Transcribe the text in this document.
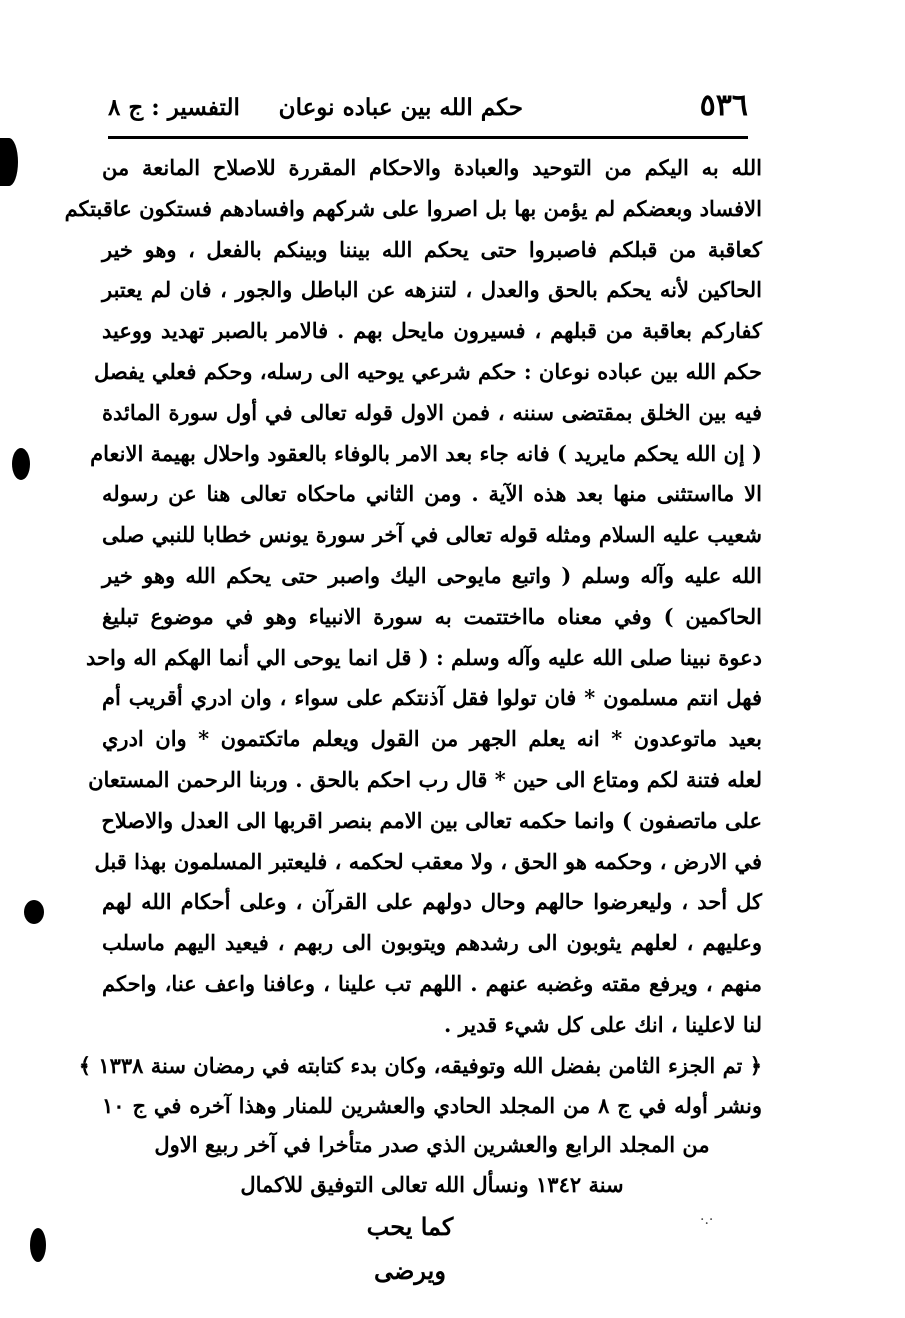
٥٣٦
حكم الله بين عباده نوعان
التفسير : ج ٨
الله به اليكم من التوحيد والعبادة والاحكام المقررة للاصلاح المانعة من
الافساد وبعضكم لم يؤمن بها بل اصروا على شركهم وافسادهم فستكون عاقبتكم
كعاقبة من قبلكم فاصبروا حتى يحكم الله بيننا وبينكم بالفعل ، وهو خير
الحاكين لأنه يحكم بالحق والعدل ، لتنزهه عن الباطل والجور ، فان لم يعتبر
كفاركم بعاقبة من قبلهم ، فسيرون مايحل بهم . فالامر بالصبر تهديد ووعيد
حكم الله بين عباده نوعان : حكم شرعي يوحيه الى رسله، وحكم فعلي يفصل
فيه بين الخلق بمقتضى سننه ، فمن الاول قوله تعالى في أول سورة المائدة
( إن الله يحكم مايريد ) فانه جاء بعد الامر بالوفاء بالعقود واحلال بهيمة الانعام
الا مااستثنى منها بعد هذه الآية . ومن الثاني ماحكاه تعالى هنا عن رسوله
شعيب عليه السلام ومثله قوله تعالى في آخر سورة يونس خطابا للنبي صلى
الله عليه وآله وسلم ( واتبع مايوحى اليك واصبر حتى يحكم الله وهو خير
الحاكمين ) وفي معناه مااختتمت به سورة الانبياء وهو في موضوع تبليغ
دعوة نبينا صلى الله عليه وآله وسلم : ( قل انما يوحى الي أنما الهكم اله واحد
فهل انتم مسلمون * فان تولوا فقل آذنتكم على سواء ، وان ادري أقريب أم
بعيد ماتوعدون * انه يعلم الجهر من القول ويعلم ماتكتمون * وان ادري
لعله فتنة لكم ومتاع الى حين * قال رب احكم بالحق . وربنا الرحمن المستعان
على ماتصفون ) وانما حكمه تعالى بين الامم بنصر اقربها الى العدل والاصلاح
في الارض ، وحكمه هو الحق ، ولا معقب لحكمه ، فليعتبر المسلمون بهذا قبل
كل أحد ، وليعرضوا حالهم وحال دولهم على القرآن ، وعلى أحكام الله لهم
وعليهم ، لعلهم يثوبون الى رشدهم ويتوبون الى ربهم ، فيعيد اليهم ماسلب
منهم ، ويرفع مقته وغضبه عنهم . اللهم تب علينا ، وعافنا واعف عنا، واحكم
لنا لاعلينا ، انك على كل شيء قدير .
﴿ تم الجزء الثامن بفضل الله وتوفيقه، وكان بدء كتابته في رمضان سنة ١٣٣٨ ﴾
ونشر أوله في ج ٨ من المجلد الحادي والعشرين للمنار وهذا آخره في ج ١٠
من المجلد الرابع والعشرين الذي صدر متأخرا في آخر ربيع الاول
سنة ١٣٤٢ ونسأل الله تعالى التوفيق للاكمال
كما يحب ويرضى
·.·
